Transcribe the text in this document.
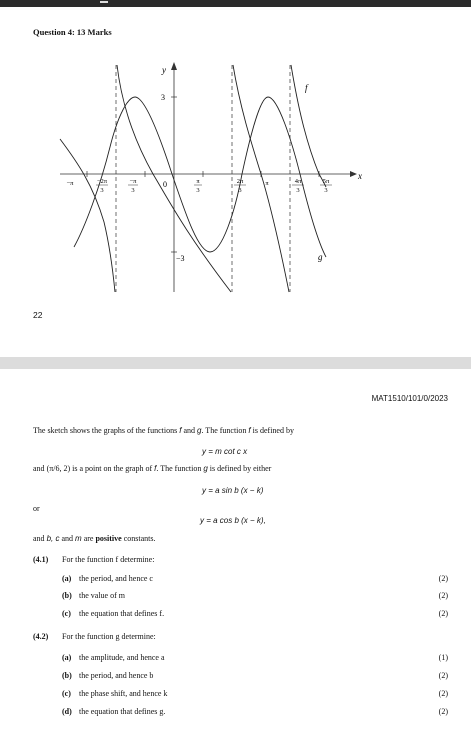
Question 4: 13 Marks
y
x
f
g
0
3
−3
−π	−2π
3
−π
3
π
3
2π
3
π	4π
3
5π
3
22
MAT1510/101/0/2023
The sketch shows the graphs of the functions f and g. The function f is defined by
y = m cot c x
and (π/6, 2) is a point on the graph of f. The function g is defined by either
y = a sin b (x − k)
or
y = a cos b (x − k),
and b, c and m are positive constants.
(4.1) For the function f determine:
(a) the period, and hence c	(2)
(b) the value of m	(2)
(c) the equation that defines f.	(2)
(4.2) For the function g determine:
(a) the amplitude, and hence a	(1)
(b) the period, and hence b	(2)
(c) the phase shift, and hence k	(2)
(d) the equation that defines g.	(2)
